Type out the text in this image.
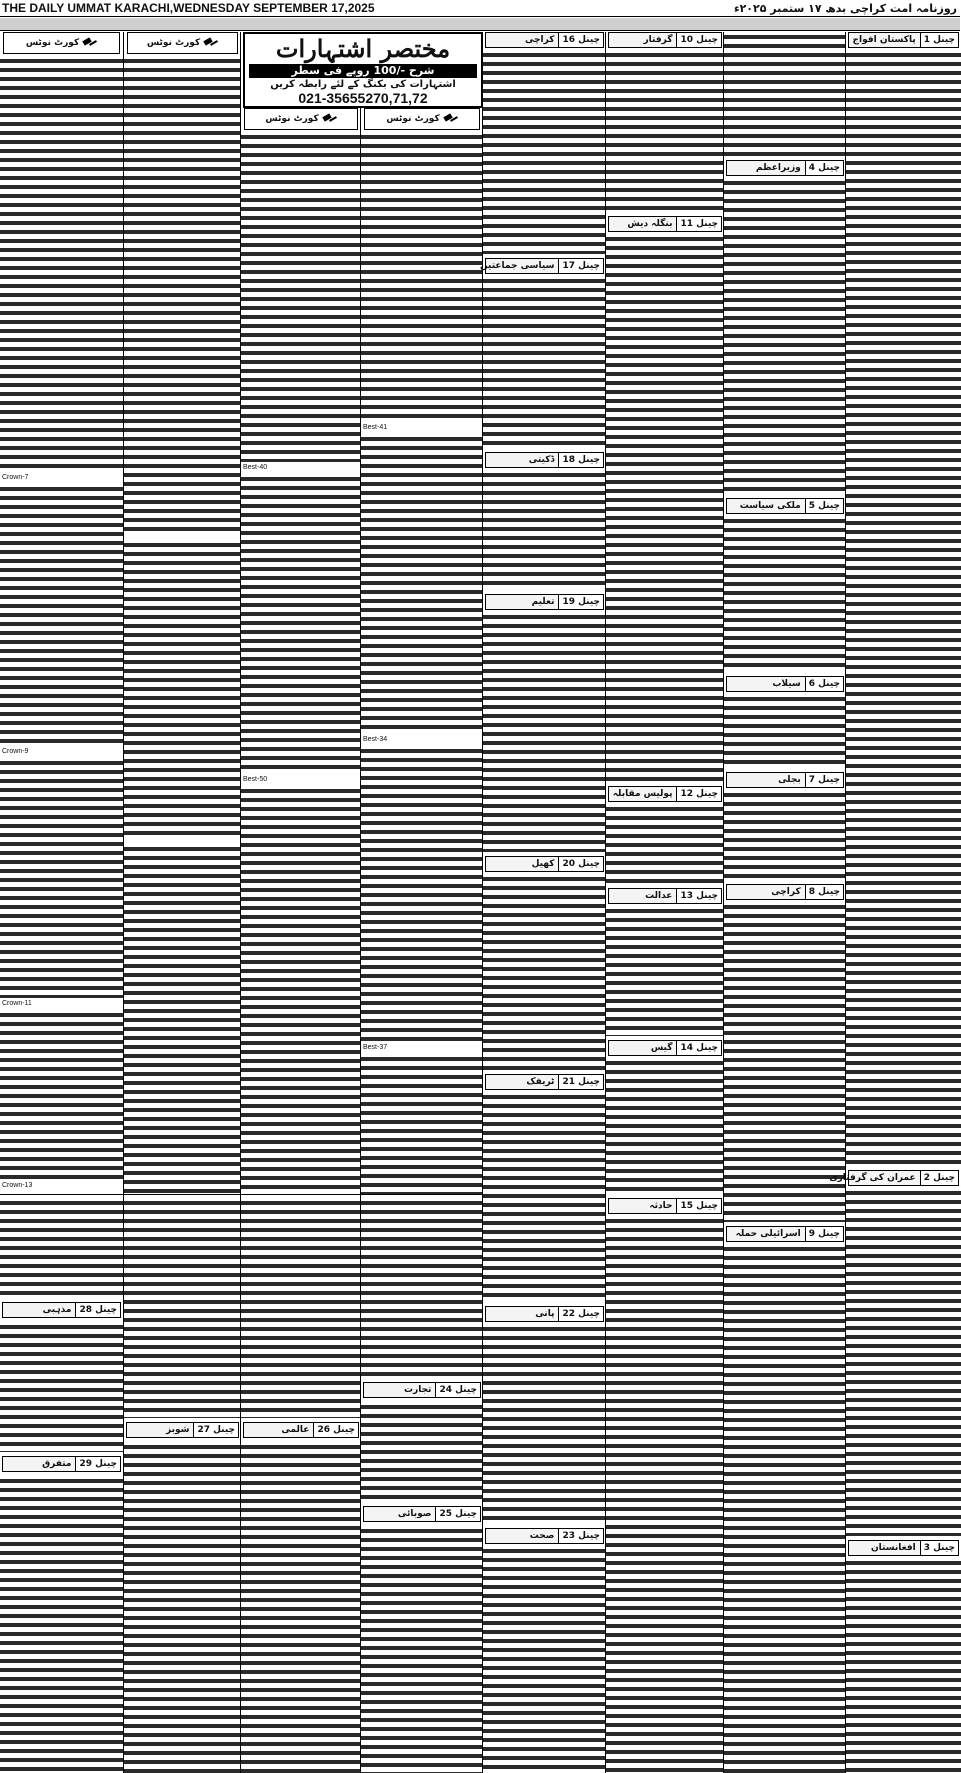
THE DAILY UMMAT KARACHI,WEDNESDAY SEPTEMBER 17,2025	روزنامہ امت کراچی بدھ ۱۷ ستمبر ۲۰۲۵ء
کورٹ نوٹس
Crown-7
Crown-9
Crown-11
Crown-13
چینل 28
مذہبی
چینل 29
متفرق
کورٹ نوٹس
چینل 27
شوبز
کورٹ نوٹس
Best-40
Best-50
چینل 26
عالمی
کورٹ نوٹس
Best-41
Best-34
Best-37
چینل 24
تجارت
چینل 25
صوبائی
مختصر اشتہارات
شرح -/100 روپے فی سطر
اشتہارات کی بکنگ کے لئے رابطہ کریں
021-35655270,71,72
چینل 16
کراچی
چینل 17
سیاسی جماعتیں
چینل 18
ڈکیتی
چینل 19
تعلیم
چینل 20
کھیل
چینل 21
ٹریفک
چینل 22
پانی
چینل 23
صحت
چینل 10
گرفتار
چینل 11
بنگلہ دیش
چینل 12
پولیس مقابلہ
چینل 13
عدالت
چینل 14
گیس
چینل 15
حادثہ
چینل 4
وزیراعظم
چینل 5
ملکی سیاست
چینل 6
سیلاب
چینل 7
بجلی
چینل 8
کراچی
چینل 9
اسرائیلی حملہ
چینل 1
پاکستان افواج
چینل 2
عمران کی گرفتاری
چینل 3
افغانستان
